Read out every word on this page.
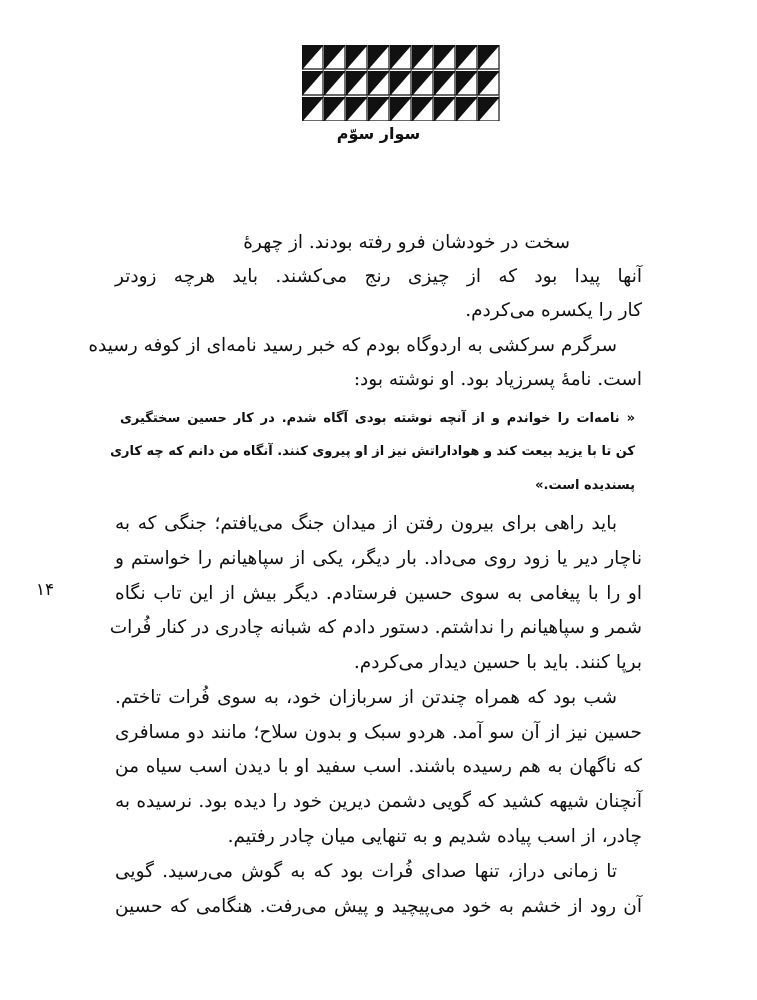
سوار سوّم
سخت در خودشان فرو رفته بودند. از چهرهٔ
آنها پیدا بود که از چیزی رنج می‌کشند. باید هرچه زودتر
کار را یکسره می‌کردم.
سرگرم سرکشی به اردوگاه بودم که خبر رسید نامه‌ای از کوفه رسیده
است. نامهٔ پسرزیاد بود. او نوشته بود:
« نامه‌ات را خواندم و از آنچه نوشته بودی آگاه شدم. در کار حسین سختگیری
کن تا با یزید بیعت کند و هواداراتش نیز از او پیروی کنند. آنگاه من دانم که چه کاری
پسندیده است.»
باید راهی برای بیرون رفتن از میدان جنگ می‌یافتم؛ جنگی که به
ناچار دیر یا زود روی می‌داد. بار دیگر، یکی از سپاهیانم را خواستم و
او را با پیغامی به سوی حسین فرستادم. دیگر بیش از این تاب نگاه
شمر و سپاهیانم را نداشتم. دستور دادم که شبانه چادری در کنار فُرات
برپا کنند. باید با حسین دیدار می‌کردم.
شب بود که همراه چندتن از سربازان خود، به سوی فُرات تاختم.
حسین نیز از آن سو آمد. هردو سبک و بدون سلاح؛ مانند دو مسافری
که ناگهان به هم رسیده باشند. اسب سفید او با دیدن اسب سیاه من
آنچنان شیهه کشید که گویی دشمن دیرین خود را دیده بود. نرسیده به
چادر، از اسب پیاده شدیم و به تنهایی میان چادر رفتیم.
تا زمانی دراز، تنها صدای فُرات بود که به گوش می‌رسید. گویی
آن رود از خشم به خود می‌پیچید و پیش می‌رفت. هنگامی که حسین
۱۴
